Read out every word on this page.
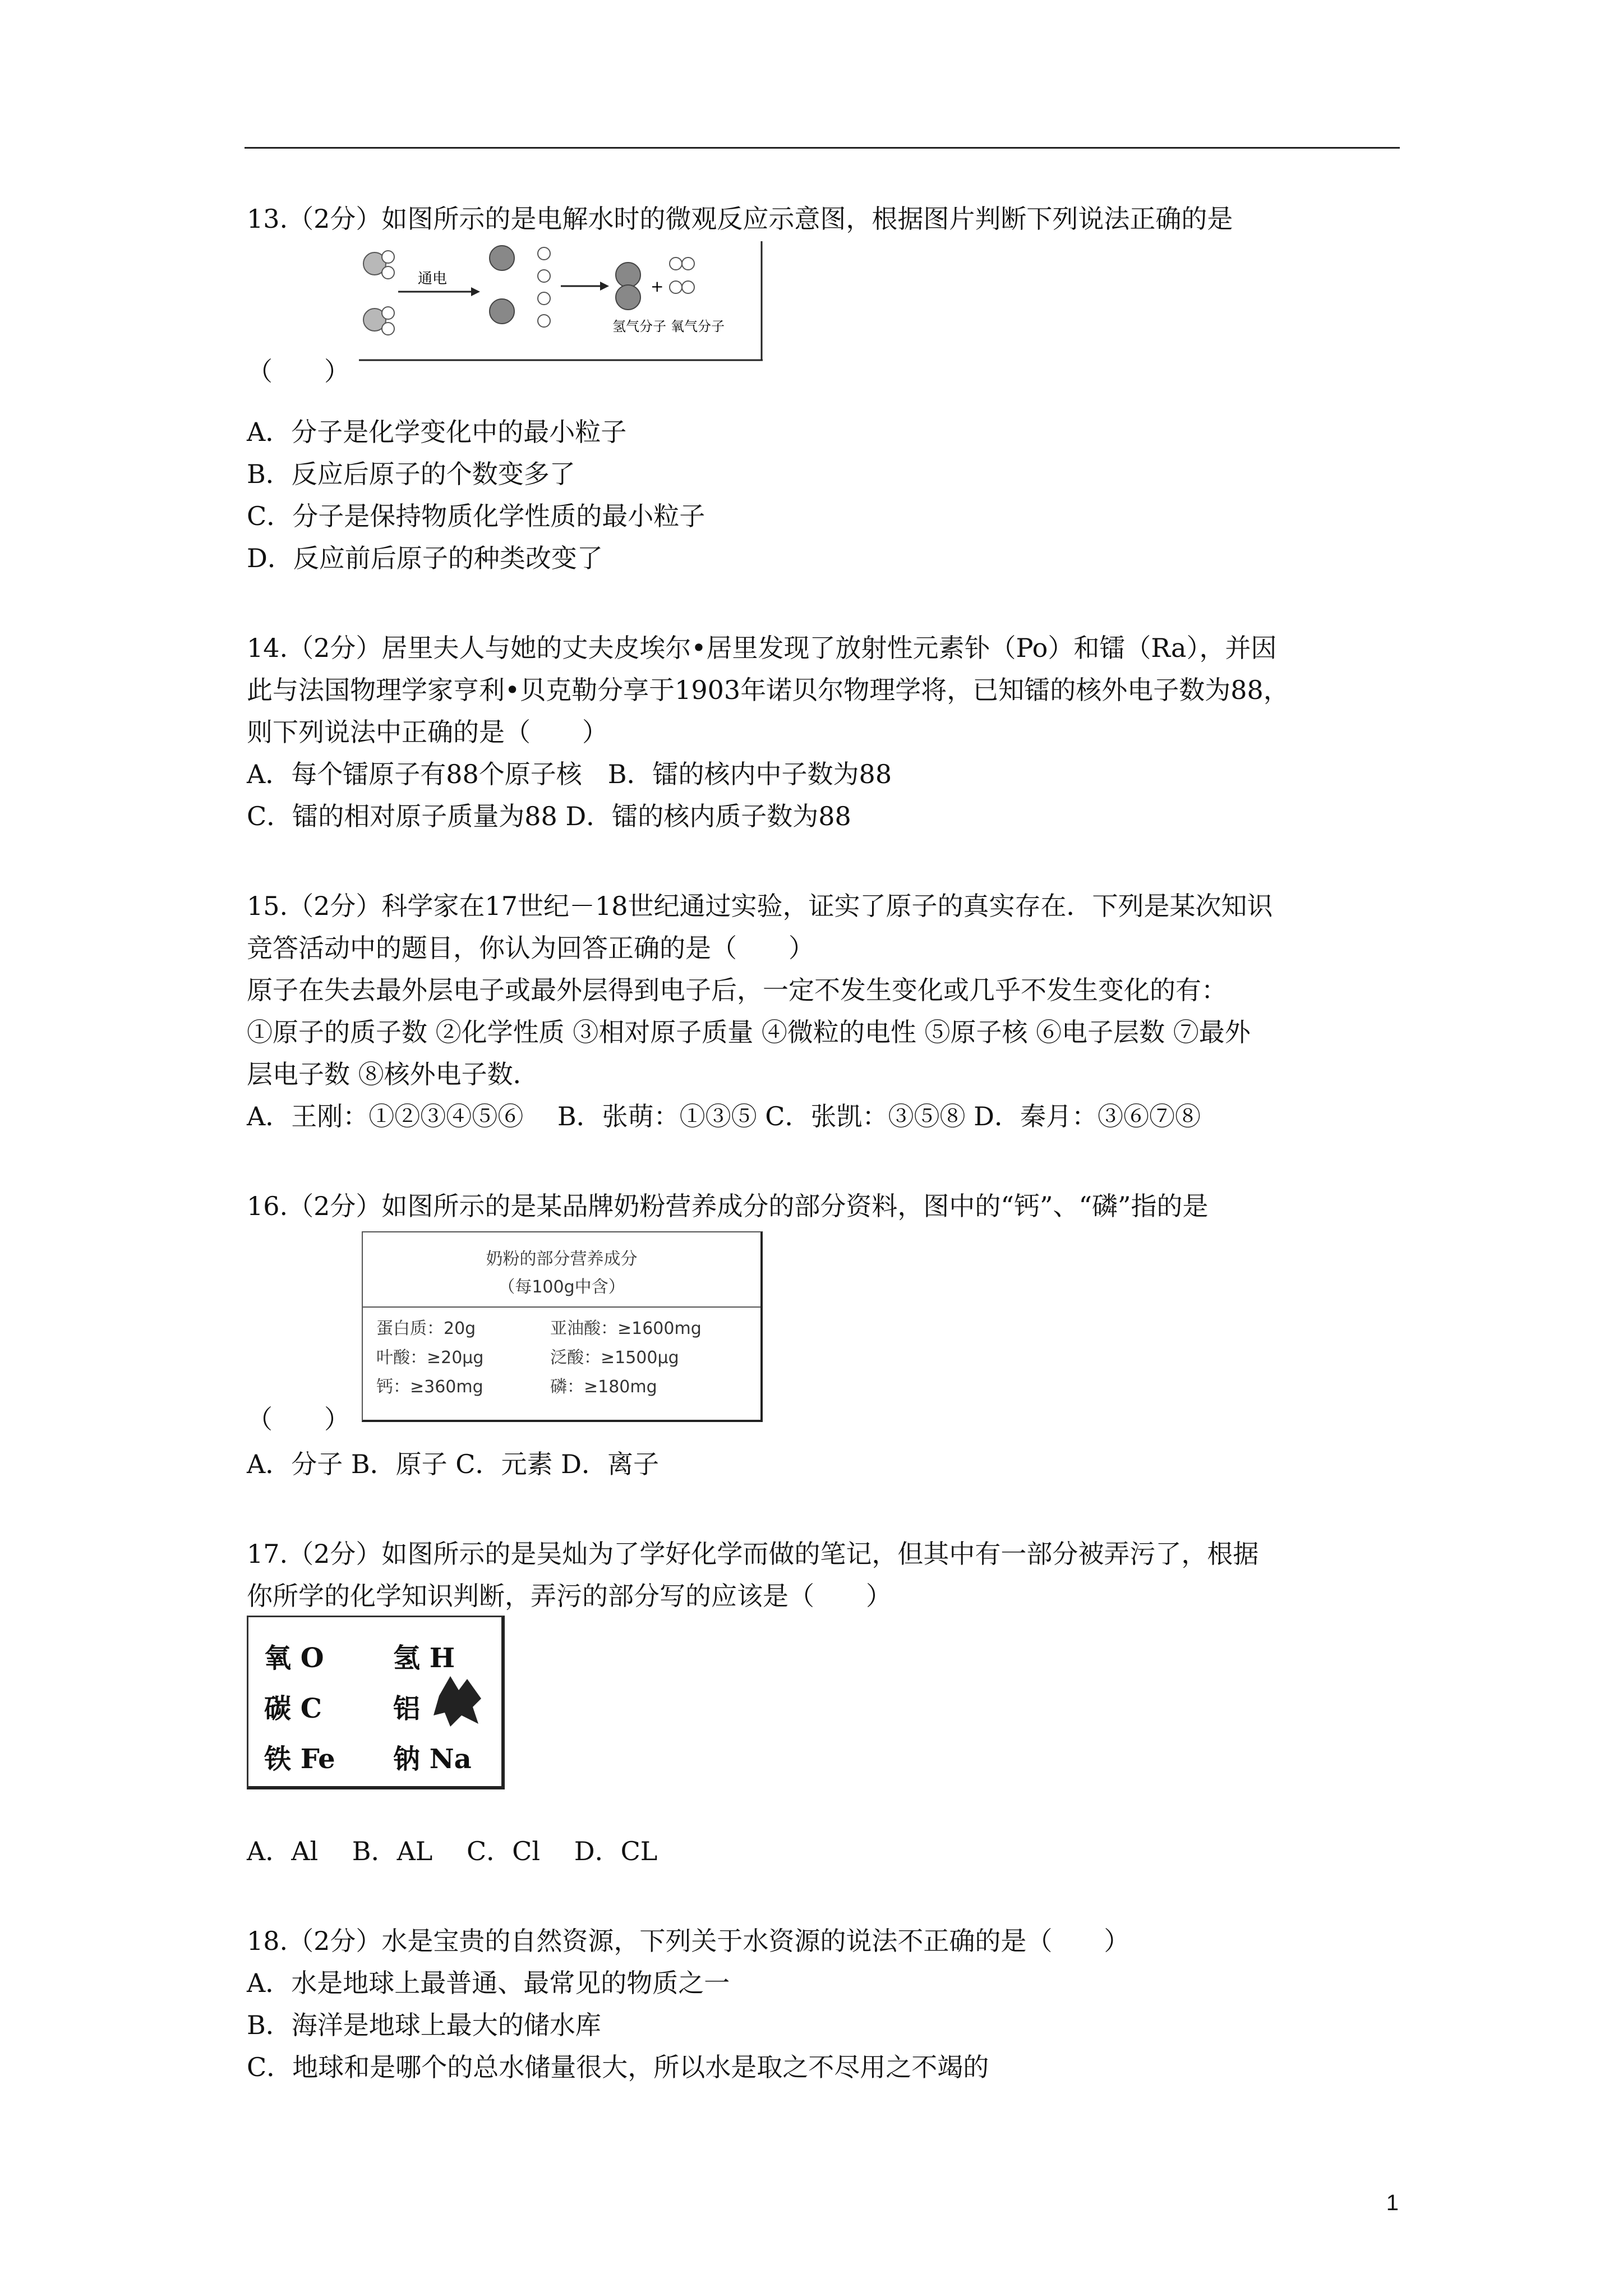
13.（2分）如图所示的是电解水时的微观反应示意图，根据图片判断下列说法正确的是
通电	+
氢气分子 氧气分子
（　　）
A．分子是化学变化中的最小粒子
B．反应后原子的个数变多了
C．分子是保持物质化学性质的最小粒子
D．反应前后原子的种类改变了
14.（2分）居里夫人与她的丈夫皮埃尔•居里发现了放射性元素钋（Po）和镭（Ra），并因
此与法国物理学家亨利•贝克勒分享于1903年诺贝尔物理学将，已知镭的核外电子数为88，
则下列说法中正确的是（　　）
A．每个镭原子有88个原子核　B．镭的核内中子数为88
C．镭的相对原子质量为88 D．镭的核内质子数为88
15.（2分）科学家在17世纪－18世纪通过实验，证实了原子的真实存在．下列是某次知识
竞答活动中的题目，你认为回答正确的是（　　）
原子在失去最外层电子或最外层得到电子后，一定不发生变化或几乎不发生变化的有：
①原子的质子数 ②化学性质 ③相对原子质量 ④微粒的电性 ⑤原子核 ⑥电子层数 ⑦最外
层电子数 ⑧核外电子数．
A．王刚：①②③④⑤⑥　 B．张萌：①③⑤ C．张凯：③⑤⑧ D．秦月：③⑥⑦⑧
16.（2分）如图所示的是某品牌奶粉营养成分的部分资料，图中的“钙”、“磷”指的是
奶粉的部分营养成分
（每100g中含）
蛋白质：20g	亚油酸：≥1600mg
叶酸：≥20μg	泛酸：≥1500μg
钙：≥360mg	磷：≥180mg
（　　）
A．分子 B．原子 C．元素 D．离子
17.（2分）如图所示的是吴灿为了学好化学而做的笔记，但其中有一部分被弄污了，根据
你所学的化学知识判断，弄污的部分写的应该是（　　）
氧 O	氢 H
碳 C	铝
铁 Fe 钠 Na
A．Al　 B．AL　 C．Cl　 D．CL
18.（2分）水是宝贵的自然资源，下列关于水资源的说法不正确的是（　　）
A．水是地球上最普通、最常见的物质之一
B．海洋是地球上最大的储水库
C．地球和是哪个的总水储量很大，所以水是取之不尽用之不竭的
1
